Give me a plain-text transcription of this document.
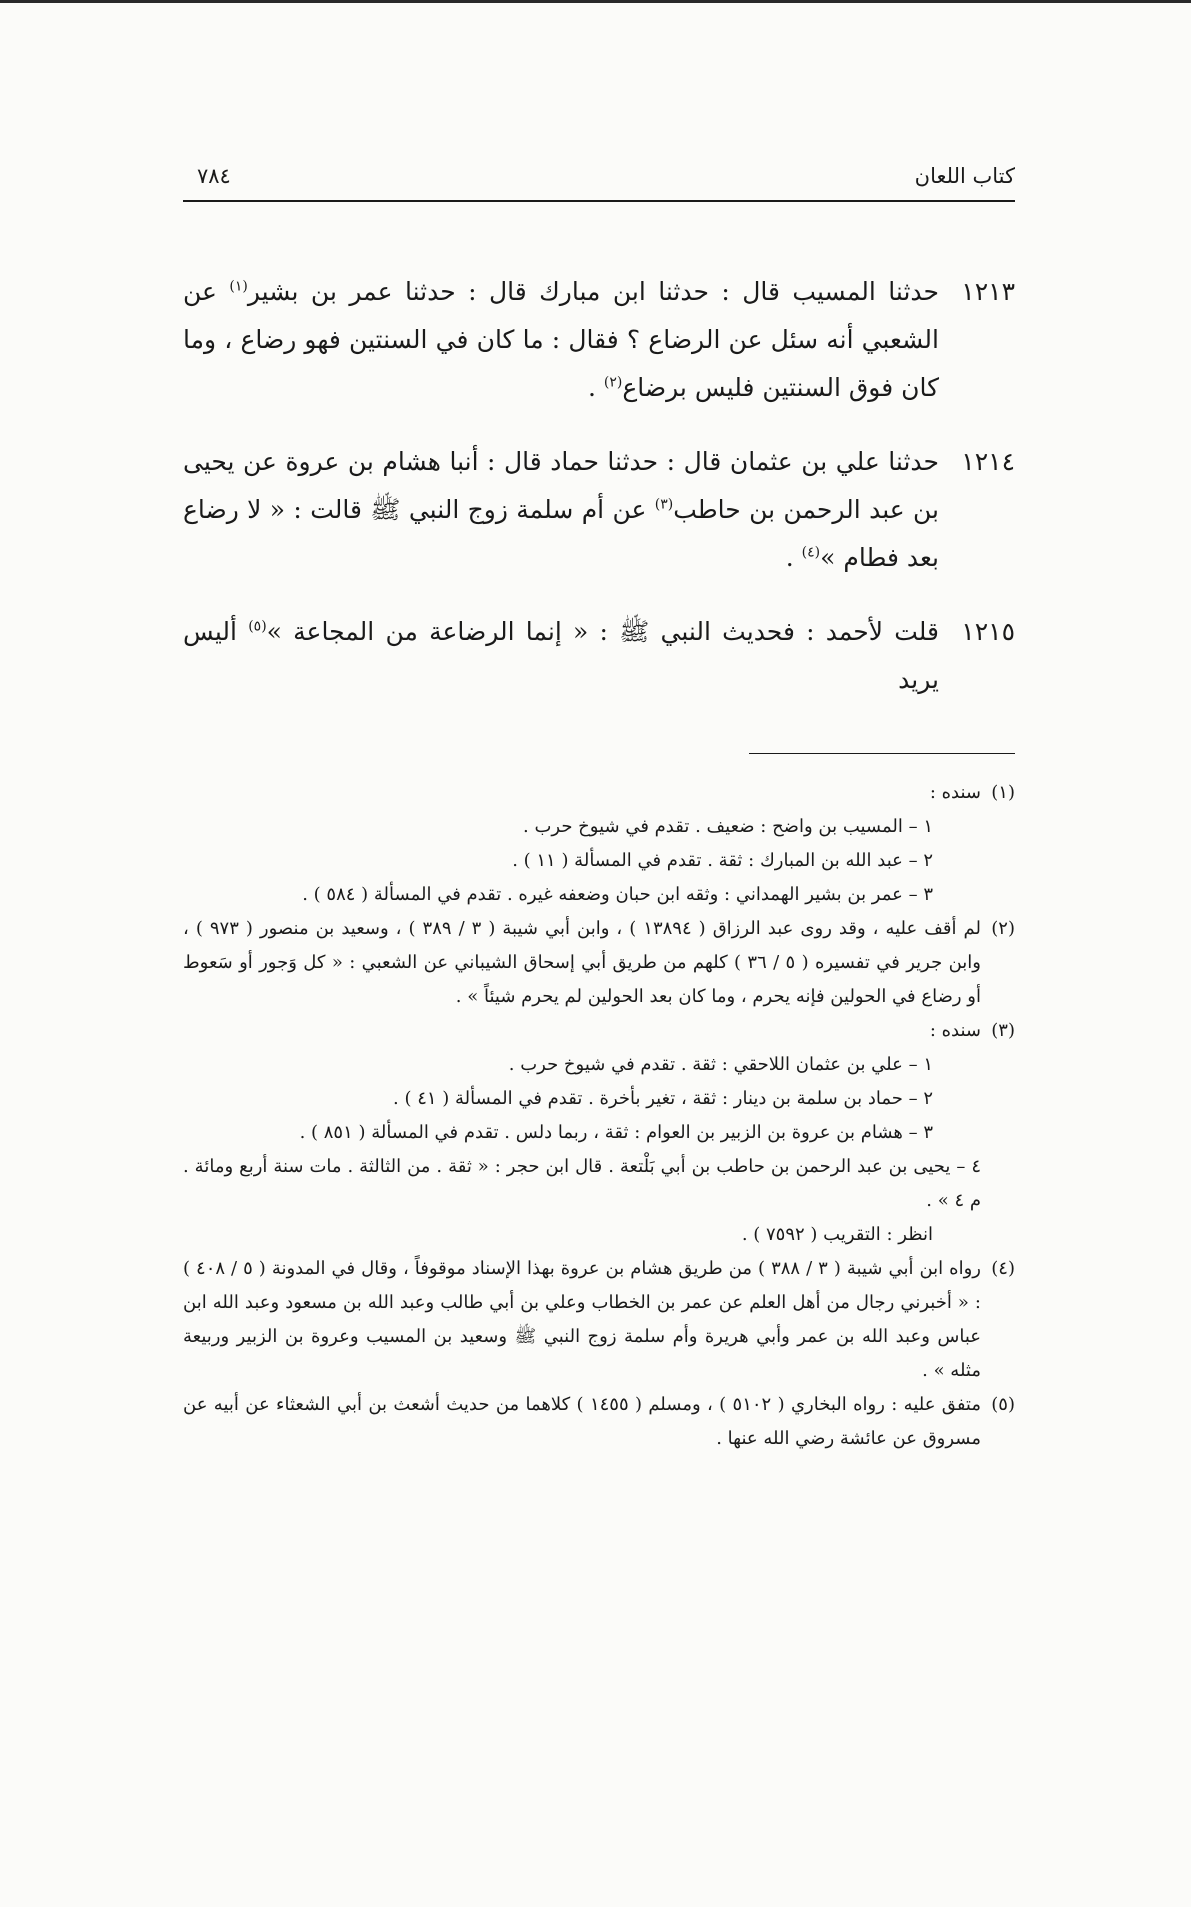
كتاب اللعان
٧٨٤
١٢١٣
حدثنا المسيب قال : حدثنا ابن مبارك قال : حدثنا عمر بن بشير$^{(١)}$ عن الشعبي أنه سئل عن الرضاع ؟ فقال : ما كان في السنتين فهو رضاع ، وما كان فوق السنتين فليس برضاع$^{(٢)}$ .
١٢١٤
حدثنا علي بن عثمان قال : حدثنا حماد قال : أنبا هشام بن عروة عن يحيى بن عبد الرحمن بن حاطب$^{(٣)}$ عن أم سلمة زوج النبي ﷺ قالت : « لا رضاع بعد فطام »$^{(٤)}$ .
١٢١٥
قلت لأحمد : فحديث النبي ﷺ : « إنما الرضاعة من المجاعة »$^{(٥)}$ أليس يريد
(١)
سنده :
١ – المسيب بن واضح : ضعيف . تقدم في شيوخ حرب .
٢ – عبد الله بن المبارك : ثقة . تقدم في المسألة ( ١١ ) .
٣ – عمر بن بشير الهمداني : وثقه ابن حبان وضعفه غيره . تقدم في المسألة ( ٥٨٤ ) .
(٢)
لم أقف عليه ، وقد روى عبد الرزاق ( ١٣٨٩٤ ) ، وابن أبي شيبة ( ٣ / ٣٨٩ ) ، وسعيد بن منصور ( ٩٧٣ ) ، وابن جرير في تفسيره ( ٥ / ٣٦ ) كلهم من طريق أبي إسحاق الشيباني عن الشعبي : « كل وَجور أو سَعوط أو رضاع في الحولين فإنه يحرم ، وما كان بعد الحولين لم يحرم شيئاً » .
(٣)
سنده :
١ – علي بن عثمان اللاحقي : ثقة . تقدم في شيوخ حرب .
٢ – حماد بن سلمة بن دينار : ثقة ، تغير بأخرة . تقدم في المسألة ( ٤١ ) .
٣ – هشام بن عروة بن الزبير بن العوام : ثقة ، ربما دلس . تقدم في المسألة ( ٨٥١ ) .
٤ – يحيى بن عبد الرحمن بن حاطب بن أبي بَلْتعة . قال ابن حجر : « ثقة . من الثالثة . مات سنة أربع ومائة . م ٤ » .
انظر : التقريب ( ٧٥٩٢ ) .
(٤)
رواه ابن أبي شيبة ( ٣ / ٣٨٨ ) من طريق هشام بن عروة بهذا الإسناد موقوفاً ، وقال في المدونة ( ٥ / ٤٠٨ ) : « أخبرني رجال من أهل العلم عن عمر بن الخطاب وعلي بن أبي طالب وعبد الله بن مسعود وعبد الله ابن عباس وعبد الله بن عمر وأبي هريرة وأم سلمة زوج النبي ﷺ وسعيد بن المسيب وعروة بن الزبير وربيعة مثله » .
(٥)
متفق عليه : رواه البخاري ( ٥١٠٢ ) ، ومسلم ( ١٤٥٥ ) كلاهما من حديث أشعث بن أبي الشعثاء عن أبيه عن مسروق عن عائشة رضي الله عنها .
